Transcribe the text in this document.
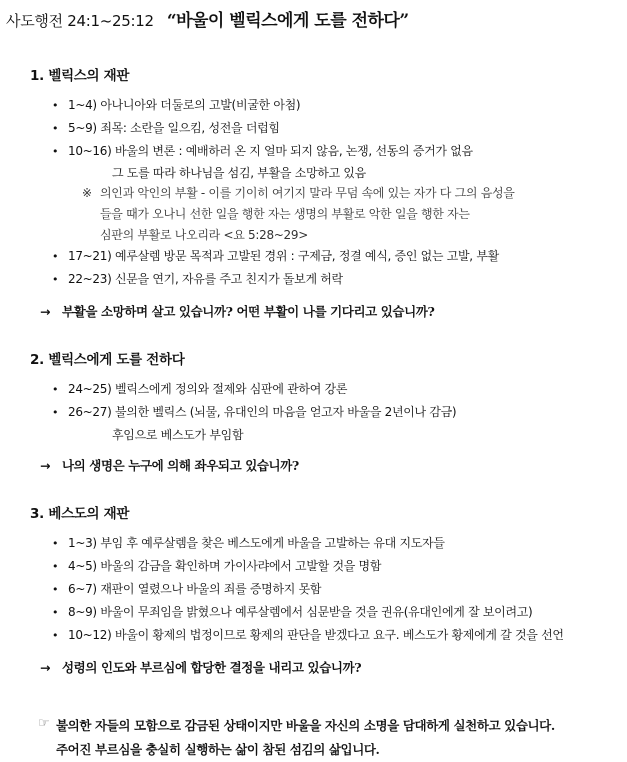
사도행전 24:1~25:12 “바울이 벨릭스에게 도를 전하다”
1. 벨릭스의 재판
• 1~4) 아나니아와 더둘로의 고발(비굴한 아첨)
• 5~9) 죄목: 소란을 일으킴, 성전을 더럽힘
• 10~16) 바울의 변론 : 예배하러 온 지 얼마 되지 않음, 논쟁, 선동의 증거가 없음
그 도를 따라 하나님을 섬김, 부활을 소망하고 있음
※ 의인과 악인의 부활 - 이를 기이히 여기지 말라 무덤 속에 있는 자가 다 그의 음성을
들을 때가 오나니 선한 일을 행한 자는 생명의 부활로 악한 일을 행한 자는
심판의 부활로 나오리라 <요 5:28~29>
• 17~21) 예루살렘 방문 목적과 고발된 경위 : 구제금, 정결 예식, 증인 없는 고발, 부활
• 22~23) 신문을 연기, 자유를 주고 친지가 돌보게 허락
→ 부활을 소망하며 살고 있습니까? 어떤 부활이 나를 기다리고 있습니까?
2. 벨릭스에게 도를 전하다
• 24~25) 벨릭스에게 정의와 절제와 심판에 관하여 강론
• 26~27) 불의한 벨릭스 (뇌물, 유대인의 마음을 얻고자 바울을 2년이나 감금)
후임으로 베스도가 부임함
→ 나의 생명은 누구에 의해 좌우되고 있습니까?
3. 베스도의 재판
• 1~3) 부임 후 예루살렘을 찾은 베스도에게 바울을 고발하는 유대 지도자들
• 4~5) 바울의 감금을 확인하며 가이사랴에서 고발할 것을 명함
• 6~7) 재판이 열렸으나 바울의 죄를 증명하지 못함
• 8~9) 바울이 무죄임을 밝혔으나 예루살렘에서 심문받을 것을 권유(유대인에게 잘 보이려고)
• 10~12) 바울이 황제의 법정이므로 황제의 판단을 받겠다고 요구. 베스도가 황제에게 갈 것을 선언
→ 성령의 인도와 부르심에 합당한 결정을 내리고 있습니까?
☞ 불의한 자들의 모함으로 감금된 상태이지만 바울을 자신의 소명을 담대하게 실천하고 있습니다.
주어진 부르심을 충실히 실행하는 삶이 참된 섬김의 삶입니다.
